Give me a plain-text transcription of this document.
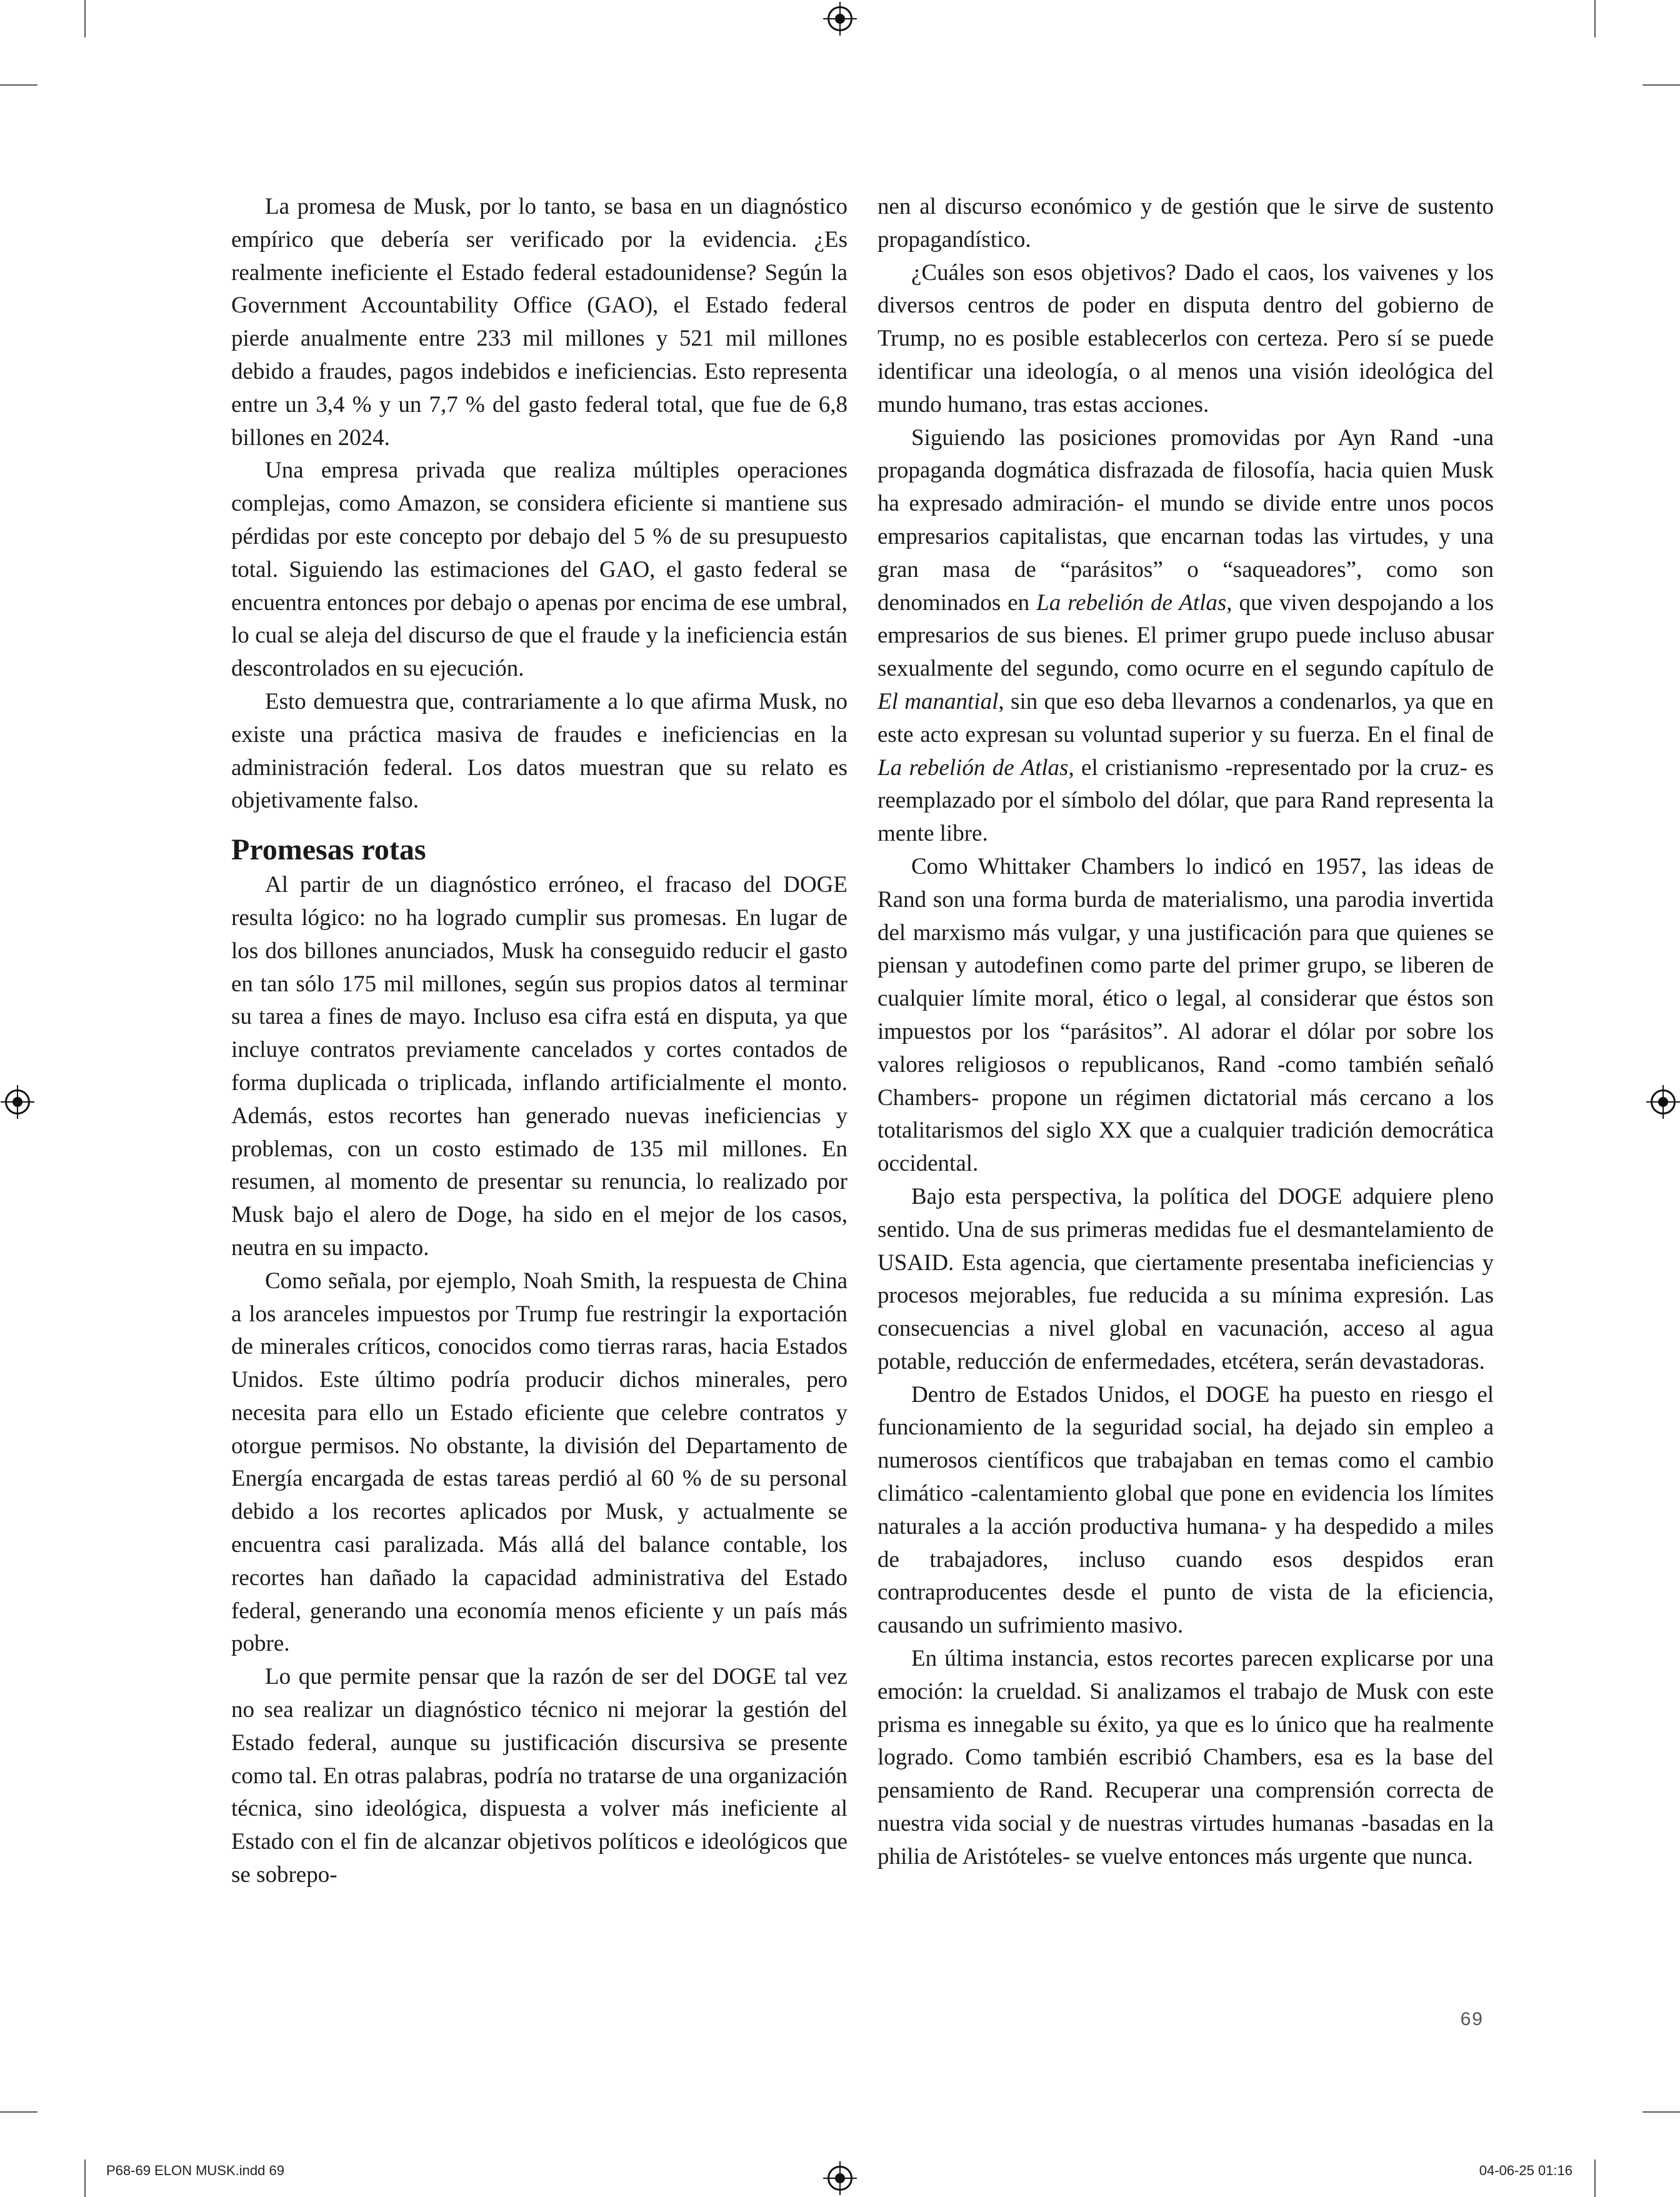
La promesa de Musk, por lo tanto, se basa en un diagnóstico empírico que debería ser verificado por la evidencia. ¿Es realmente ineficiente el Estado federal estadounidense? Según la Government Accountability Office (GAO), el Estado federal pierde anualmente entre 233 mil millones y 521 mil millones debido a fraudes, pagos indebidos e ineficiencias. Esto representa entre un 3,4 % y un 7,7 % del gasto federal total, que fue de 6,8 billones en 2024.

Una empresa privada que realiza múltiples operaciones complejas, como Amazon, se considera eficiente si mantiene sus pérdidas por este concepto por debajo del 5 % de su presupuesto total. Siguiendo las estimaciones del GAO, el gasto federal se encuentra entonces por debajo o apenas por encima de ese umbral, lo cual se aleja del discurso de que el fraude y la ineficiencia están descontrolados en su ejecución.

Esto demuestra que, contrariamente a lo que afirma Musk, no existe una práctica masiva de fraudes e ineficiencias en la administración federal. Los datos muestran que su relato es objetivamente falso.

Promesas rotas

Al partir de un diagnóstico erróneo, el fracaso del DOGE resulta lógico: no ha logrado cumplir sus promesas. En lugar de los dos billones anunciados, Musk ha conseguido reducir el gasto en tan sólo 175 mil millones, según sus propios datos al terminar su tarea a fines de mayo. Incluso esa cifra está en disputa, ya que incluye contratos previamente cancelados y cortes contados de forma duplicada o triplicada, inflando artificialmente el monto. Además, estos recortes han generado nuevas ineficiencias y problemas, con un costo estimado de 135 mil millones. En resumen, al momento de presentar su renuncia, lo realizado por Musk bajo el alero de Doge, ha sido en el mejor de los casos, neutra en su impacto.

Como señala, por ejemplo, Noah Smith, la respuesta de China a los aranceles impuestos por Trump fue restringir la exportación de minerales críticos, conocidos como tierras raras, hacia Estados Unidos. Este último podría producir dichos minerales, pero necesita para ello un Estado eficiente que celebre contratos y otorgue permisos. No obstante, la división del Departamento de Energía encargada de estas tareas perdió al 60 % de su personal debido a los recortes aplicados por Musk, y actualmente se encuentra casi paralizada. Más allá del balance contable, los recortes han dañado la capacidad administrativa del Estado federal, generando una economía menos eficiente y un país más pobre.

Lo que permite pensar que la razón de ser del DOGE tal vez no sea realizar un diagnóstico técnico ni mejorar la gestión del Estado federal, aunque su justificación discursiva se presente como tal. En otras palabras, podría no tratarse de una organización técnica, sino ideológica, dispuesta a volver más ineficiente al Estado con el fin de alcanzar objetivos políticos e ideológicos que se sobrepo-

nen al discurso económico y de gestión que le sirve de sustento propagandístico.

¿Cuáles son esos objetivos? Dado el caos, los vaivenes y los diversos centros de poder en disputa dentro del gobierno de Trump, no es posible establecerlos con certeza. Pero sí se puede identificar una ideología, o al menos una visión ideológica del mundo humano, tras estas acciones.

Siguiendo las posiciones promovidas por Ayn Rand -una propaganda dogmática disfrazada de filosofía, hacia quien Musk ha expresado admiración- el mundo se divide entre unos pocos empresarios capitalistas, que encarnan todas las virtudes, y una gran masa de “parásitos” o “saqueadores”, como son denominados en La rebelión de Atlas, que viven despojando a los empresarios de sus bienes. El primer grupo puede incluso abusar sexualmente del segundo, como ocurre en el segundo capítulo de El manantial, sin que eso deba llevarnos a condenarlos, ya que en este acto expresan su voluntad superior y su fuerza. En el final de La rebelión de Atlas, el cristianismo -representado por la cruz- es reemplazado por el símbolo del dólar, que para Rand representa la mente libre.

Como Whittaker Chambers lo indicó en 1957, las ideas de Rand son una forma burda de materialismo, una parodia invertida del marxismo más vulgar, y una justificación para que quienes se piensan y autodefinen como parte del primer grupo, se liberen de cualquier límite moral, ético o legal, al considerar que éstos son impuestos por los “parásitos”. Al adorar el dólar por sobre los valores religiosos o republicanos, Rand -como también señaló Chambers- propone un régimen dictatorial más cercano a los totalitarismos del siglo XX que a cualquier tradición democrática occidental.

Bajo esta perspectiva, la política del DOGE adquiere pleno sentido. Una de sus primeras medidas fue el desmantelamiento de USAID. Esta agencia, que ciertamente presentaba ineficiencias y procesos mejorables, fue reducida a su mínima expresión. Las consecuencias a nivel global en vacunación, acceso al agua potable, reducción de enfermedades, etcétera, serán devastadoras.

Dentro de Estados Unidos, el DOGE ha puesto en riesgo el funcionamiento de la seguridad social, ha dejado sin empleo a numerosos científicos que trabajaban en temas como el cambio climático -calentamiento global que pone en evidencia los límites naturales a la acción productiva humana- y ha despedido a miles de trabajadores, incluso cuando esos despidos eran contraproducentes desde el punto de vista de la eficiencia, causando un sufrimiento masivo.

En última instancia, estos recortes parecen explicarse por una emoción: la crueldad. Si analizamos el trabajo de Musk con este prisma es innegable su éxito, ya que es lo único que ha realmente logrado. Como también escribió Chambers, esa es la base del pensamiento de Rand. Recuperar una comprensión correcta de nuestra vida social y de nuestras virtudes humanas -basadas en la philia de Aristóteles- se vuelve entonces más urgente que nunca.

69
P68-69 ELON MUSK.indd 69	04-06-25 01:16
